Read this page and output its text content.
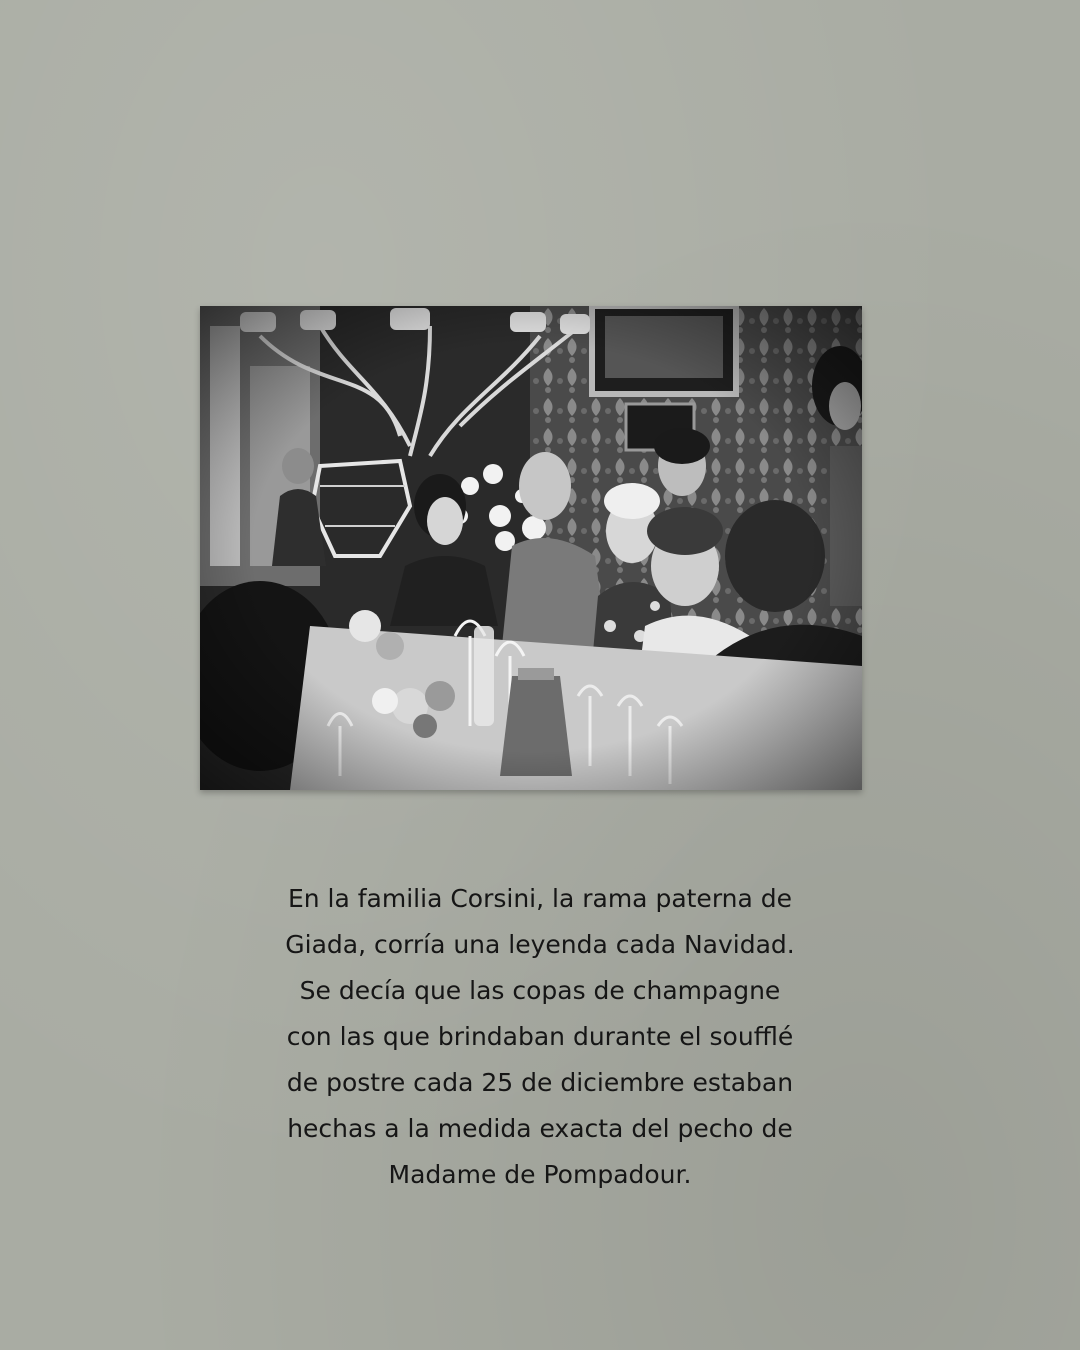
En la familia Corsini, la rama paterna de
Giada, corría una leyenda cada Navidad.
Se decía que las copas de champagne
con las que brindaban durante el soufflé
de postre cada 25 de diciembre estaban
hechas a la medida exacta del pecho de
Madame de Pompadour.
